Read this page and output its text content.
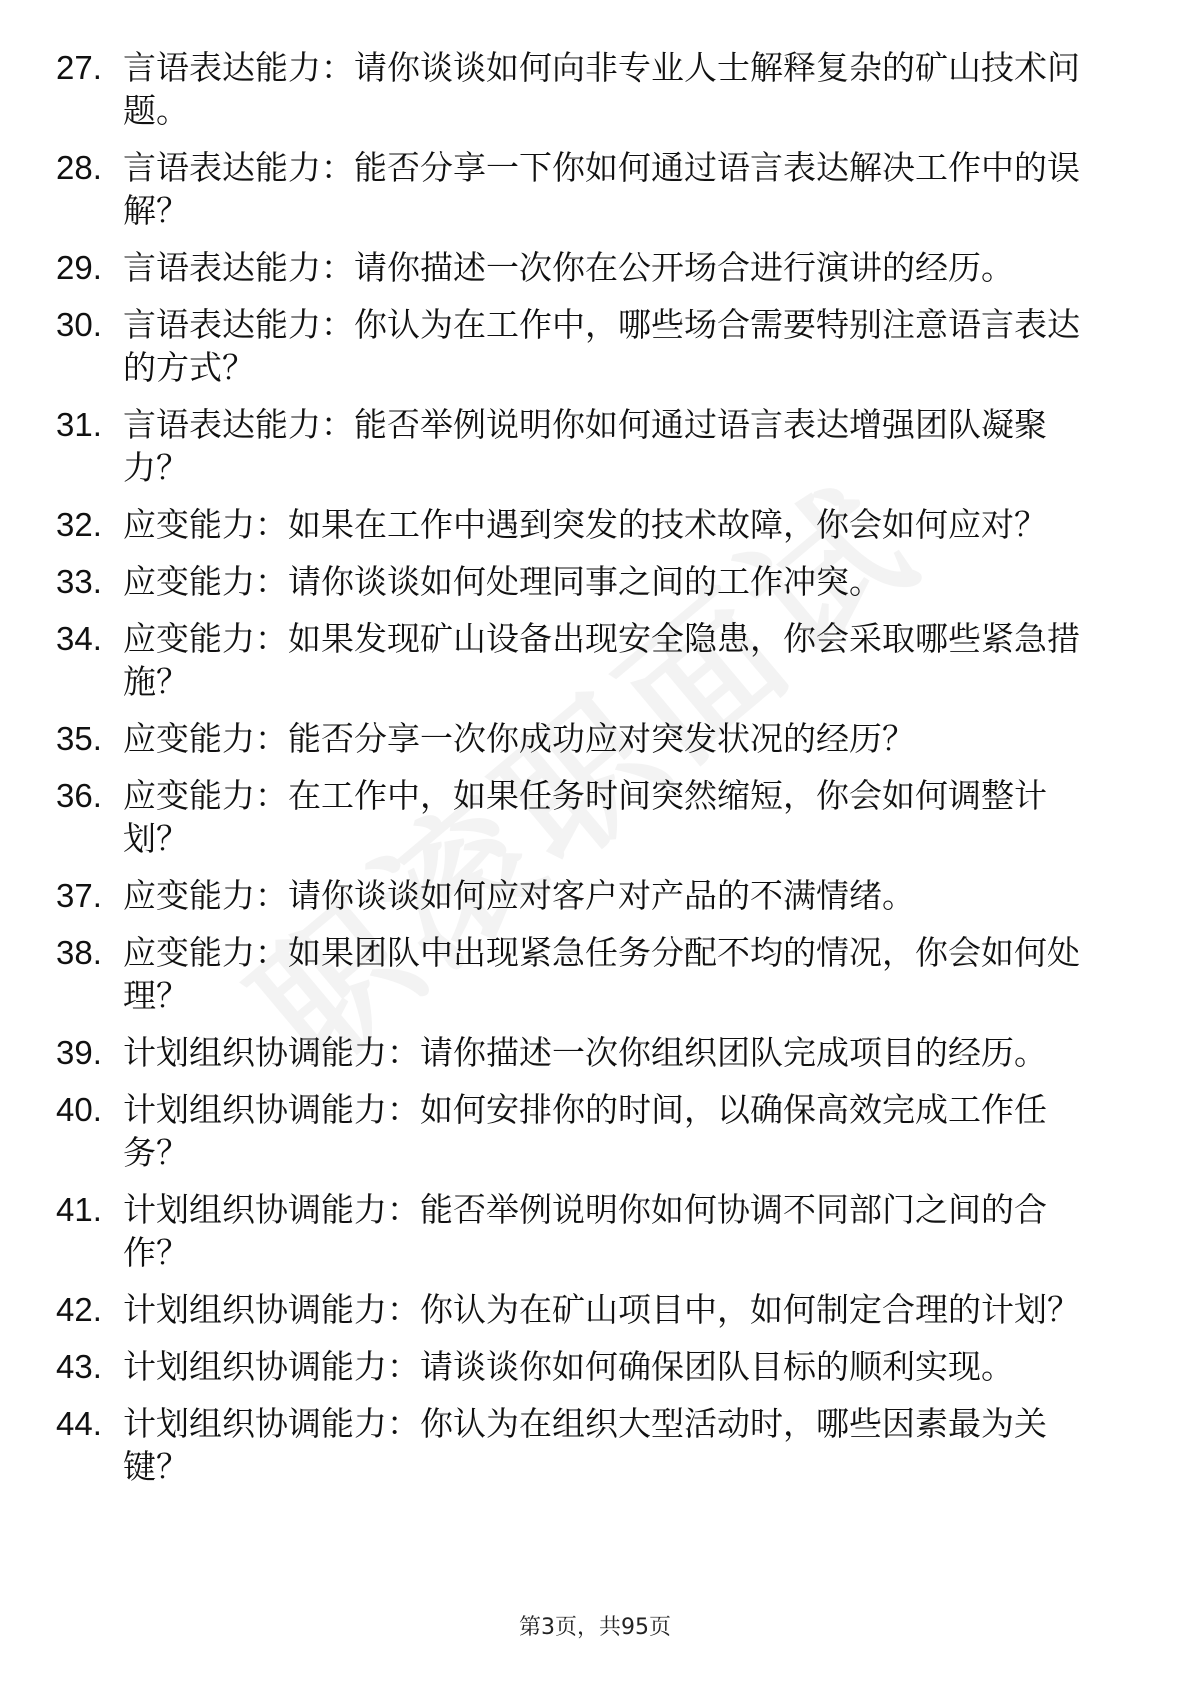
27. 言语表达能力：请你谈谈如何向非专业人士解释复杂的矿山技术问题。
28. 言语表达能力：能否分享一下你如何通过语言表达解决工作中的误解？
29. 言语表达能力：请你描述一次你在公开场合进行演讲的经历。
30. 言语表达能力：你认为在工作中，哪些场合需要特别注意语言表达的方式？
31. 言语表达能力：能否举例说明你如何通过语言表达增强团队凝聚力？
32. 应变能力：如果在工作中遇到突发的技术故障，你会如何应对？
33. 应变能力：请你谈谈如何处理同事之间的工作冲突。
34. 应变能力：如果发现矿山设备出现安全隐患，你会采取哪些紧急措施？
35. 应变能力：能否分享一次你成功应对突发状况的经历？
36. 应变能力：在工作中，如果任务时间突然缩短，你会如何调整计划？
37. 应变能力：请你谈谈如何应对客户对产品的不满情绪。
38. 应变能力：如果团队中出现紧急任务分配不均的情况，你会如何处理？
39. 计划组织协调能力：请你描述一次你组织团队完成项目的经历。
40. 计划组织协调能力：如何安排你的时间，以确保高效完成工作任务？
41. 计划组织协调能力：能否举例说明你如何协调不同部门之间的合作？
42. 计划组织协调能力：你认为在矿山项目中，如何制定合理的计划？
43. 计划组织协调能力：请谈谈你如何确保团队目标的顺利实现。
44. 计划组织协调能力：你认为在组织大型活动时，哪些因素最为关键？
第3页，共95页
